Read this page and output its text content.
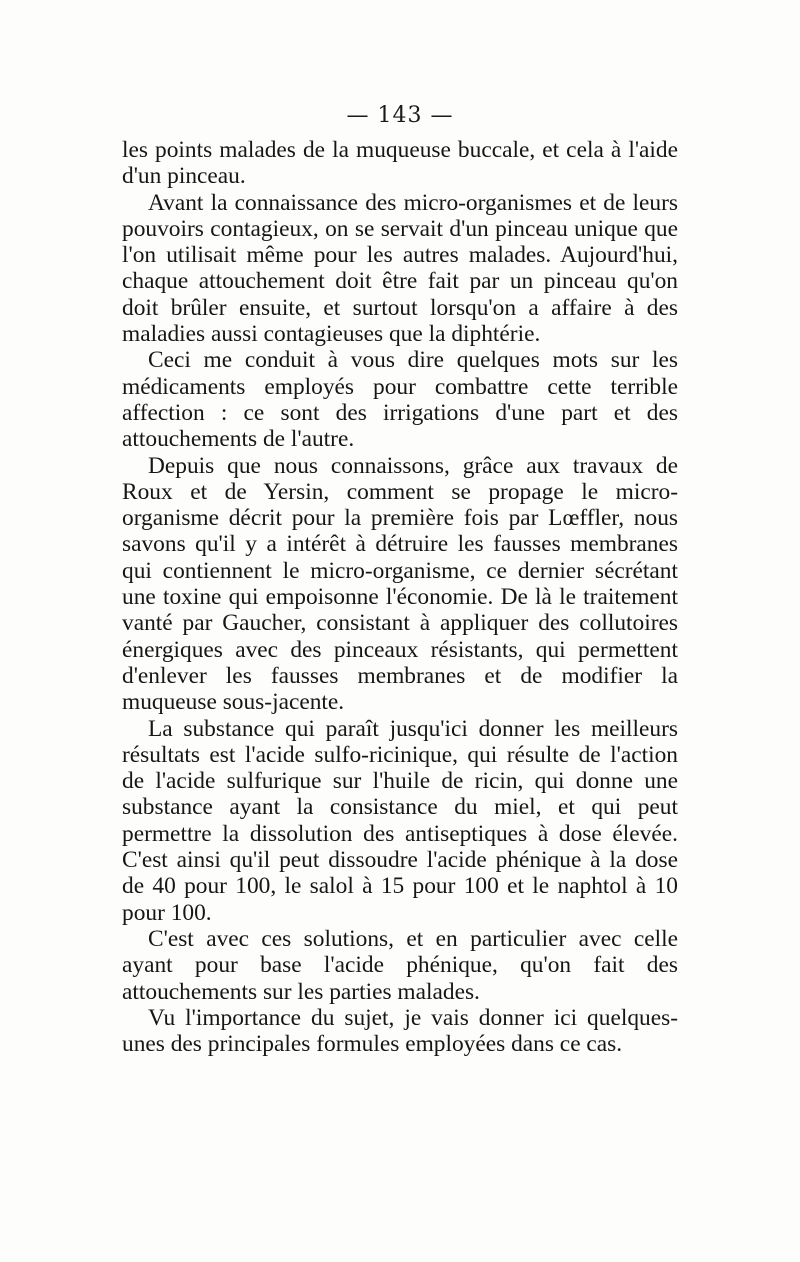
— 143 —

les points malades de la muqueuse buccale, et cela à l'aide d'un pinceau.

Avant la connaissance des micro-organismes et de leurs pouvoirs contagieux, on se servait d'un pinceau unique que l'on utilisait même pour les autres malades. Aujourd'hui, chaque attouchement doit être fait par un pinceau qu'on doit brûler ensuite, et surtout lorsqu'on a affaire à des maladies aussi contagieuses que la diphtérie.

Ceci me conduit à vous dire quelques mots sur les médicaments employés pour combattre cette terrible affection : ce sont des irrigations d'une part et des attouchements de l'autre.

Depuis que nous connaissons, grâce aux travaux de Roux et de Yersin, comment se propage le micro-organisme décrit pour la première fois par Lœffler, nous savons qu'il y a intérêt à détruire les fausses membranes qui contiennent le micro-organisme, ce dernier sécrétant une toxine qui empoisonne l'économie. De là le traitement vanté par Gaucher, consistant à appliquer des collutoires énergiques avec des pinceaux résistants, qui permettent d'enlever les fausses membranes et de modifier la muqueuse sous-jacente.

La substance qui paraît jusqu'ici donner les meilleurs résultats est l'acide sulfo-ricinique, qui résulte de l'action de l'acide sulfurique sur l'huile de ricin, qui donne une substance ayant la consistance du miel, et qui peut permettre la dissolution des antiseptiques à dose élevée. C'est ainsi qu'il peut dissoudre l'acide phénique à la dose de 40 pour 100, le salol à 15 pour 100 et le naphtol à 10 pour 100.

C'est avec ces solutions, et en particulier avec celle ayant pour base l'acide phénique, qu'on fait des attouchements sur les parties malades.

Vu l'importance du sujet, je vais donner ici quelques-unes des principales formules employées dans ce cas.
